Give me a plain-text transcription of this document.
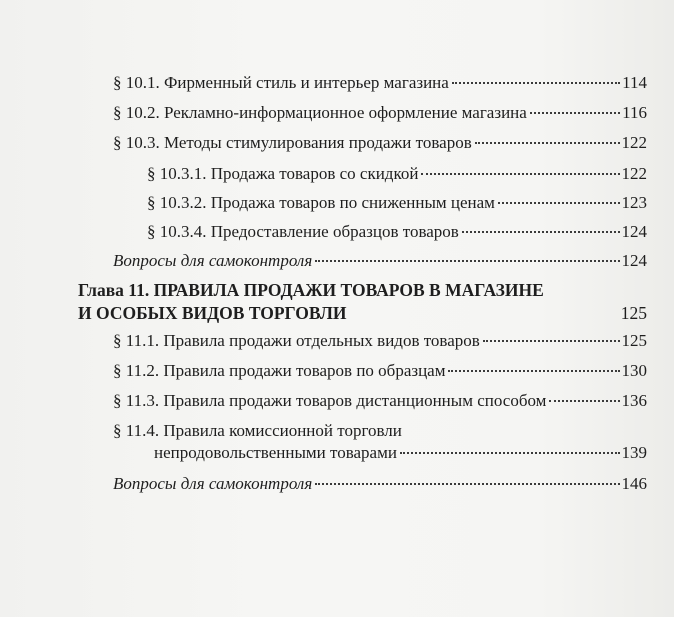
§ 10.1. Фирменный стиль и интерьер магазина	114
§ 10.2. Рекламно-информационное оформление магазина	116
§ 10.3. Методы стимулирования продажи товаров	122
§ 10.3.1. Продажа товаров со скидкой	122
§ 10.3.2. Продажа товаров по сниженным ценам	123
§ 10.3.4. Предоставление образцов товаров	124
Вопросы для самоконтроля	124
Глава 11. ПРАВИЛА ПРОДАЖИ ТОВАРОВ В МАГАЗИНЕ
И ОСОБЫХ ВИДОВ ТОРГОВЛИ	125
§ 11.1. Правила продажи отдельных видов товаров	125
§ 11.2. Правила продажи товаров по образцам	130
§ 11.3. Правила продажи товаров дистанционным способом	136
§ 11.4. Правила комиссионной торговли
непродовольственными товарами	139
Вопросы для самоконтроля	146
